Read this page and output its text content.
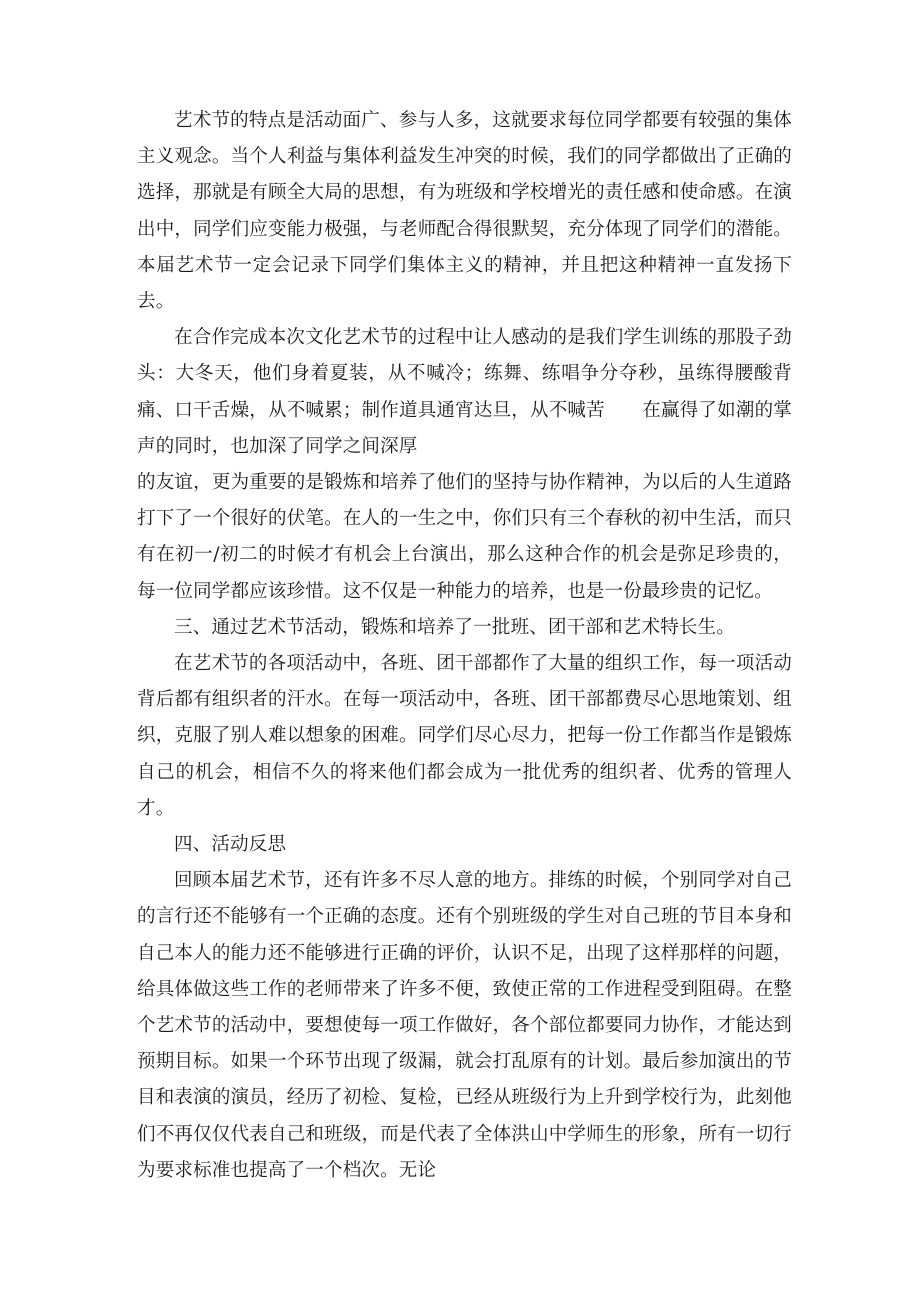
艺术节的特点是活动面广、参与人多，这就要求每位同学都要有较强的集体主义观念。当个人利益与集体利益发生冲突的时候，我们的同学都做出了正确的选择，那就是有顾全大局的思想，有为班级和学校增光的责任感和使命感。在演出中，同学们应变能力极强，与老师配合得很默契，充分体现了同学们的潜能。本届艺术节一定会记录下同学们集体主义的精神，并且把这种精神一直发扬下去。

在合作完成本次文化艺术节的过程中让人感动的是我们学生训练的那股子劲头：大冬天，他们身着夏装，从不喊冷；练舞、练唱争分夺秒，虽练得腰酸背痛、口干舌燥，从不喊累；制作道具通宵达旦，从不喊苦　　在赢得了如潮的掌声的同时，也加深了同学之间深厚

的友谊，更为重要的是锻炼和培养了他们的坚持与协作精神，为以后的人生道路打下了一个很好的伏笔。在人的一生之中，你们只有三个春秋的初中生活，而只有在初一/初二的时候才有机会上台演出，那么这种合作的机会是弥足珍贵的，每一位同学都应该珍惜。这不仅是一种能力的培养，也是一份最珍贵的记忆。

三、通过艺术节活动，锻炼和培养了一批班、团干部和艺术特长生。

在艺术节的各项活动中，各班、团干部都作了大量的组织工作，每一项活动背后都有组织者的汗水。在每一项活动中，各班、团干部都费尽心思地策划、组织，克服了别人难以想象的困难。同学们尽心尽力，把每一份工作都当作是锻炼自己的机会，相信不久的将来他们都会成为一批优秀的组织者、优秀的管理人才。

四、活动反思

回顾本届艺术节，还有许多不尽人意的地方。排练的时候，个别同学对自己的言行还不能够有一个正确的态度。还有个别班级的学生对自己班的节目本身和自己本人的能力还不能够进行正确的评价，认识不足，出现了这样那样的问题，给具体做这些工作的老师带来了许多不便，致使正常的工作进程受到阻碍。在整个艺术节的活动中，要想使每一项工作做好，各个部位都要同力协作，才能达到预期目标。如果一个环节出现了级漏，就会打乱原有的计划。最后参加演出的节目和表演的演员，经历了初检、复检，已经从班级行为上升到学校行为，此刻他们不再仅仅代表自己和班级，而是代表了全体洪山中学师生的形象，所有一切行为要求标准也提高了一个档次。无论
